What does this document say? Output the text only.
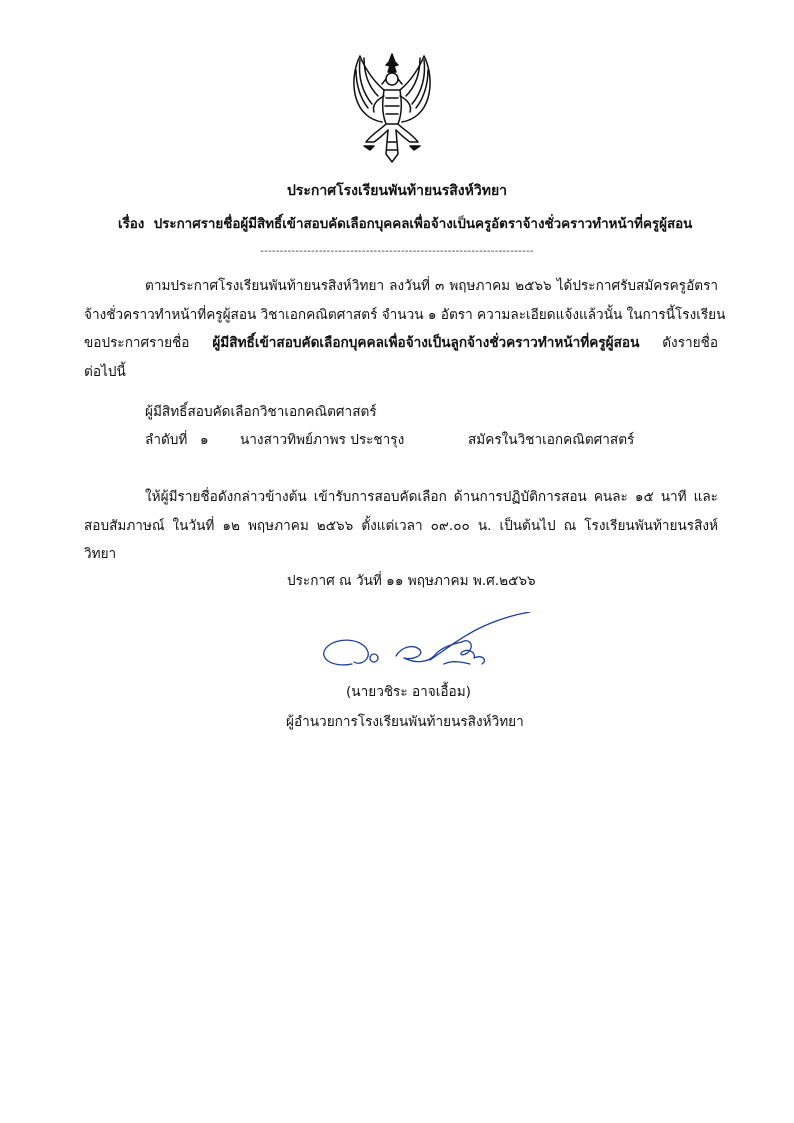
ประกาศโรงเรียนพันท้ายนรสิงห์วิทยา

เรื่อง ประกาศรายชื่อผู้มีสิทธิ์เข้าสอบคัดเลือกบุคคลเพื่อจ้างเป็นครูอัตราจ้างชั่วคราวทำหน้าที่ครูผู้สอน

----------------------------------------------------------------------

ตามประกาศโรงเรียนพันท้ายนรสิงห์วิทยา ลงวันที่ ๓ พฤษภาคม ๒๕๖๖ ได้ประกาศรับสมัครครูอัตรา
จ้างชั่วคราวทำหน้าที่ครูผู้สอน วิชาเอกคณิตศาสตร์ จำนวน ๑ อัตรา ความละเอียดแจ้งแล้วนั้น ในการนี้โรงเรียน
ขอประกาศรายชื่อ ผู้มีสิทธิ์เข้าสอบคัดเลือกบุคคลเพื่อจ้างเป็นลูกจ้างชั่วคราวทำหน้าที่ครูผู้สอน ดังรายชื่อ
ต่อไปนี้

ผู้มีสิทธิ์สอบคัดเลือกวิชาเอกคณิตศาสตร์

ลำดับที่ ๑ นางสาวทิพย์ภาพร ประชารุง	สมัครในวิชาเอกคณิตศาสตร์
ให้ผู้มีรายชื่อดังกล่าวข้างต้น เข้ารับการสอบคัดเลือก ด้านการปฏิบัติการสอน คนละ ๑๕ นาที และ
สอบสัมภาษณ์ ในวันที่ ๑๒ พฤษภาคม ๒๕๖๖ ตั้งแต่เวลา ๐๙.๐๐ น. เป็นต้นไป ณ โรงเรียนพันท้ายนรสิงห์
วิทยา

ประกาศ ณ วันที่ ๑๑ พฤษภาคม พ.ศ.๒๕๖๖

(นายวชิระ อาจเอื้อม)

ผู้อำนวยการโรงเรียนพันท้ายนรสิงห์วิทยา
